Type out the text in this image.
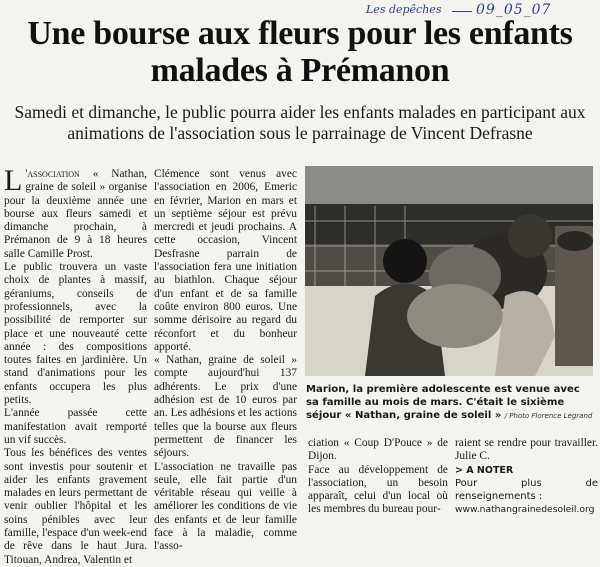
Les depêches 09_05_07
Une bourse aux fleurs pour les enfants malades à Prémanon

Samedi et dimanche, le public pourra aider les enfants malades en participant aux animations de l'association sous le parrainage de Vincent Defrasne

L 'association « Nathan, graine de soleil » organise pour la deuxième année une bourse aux fleurs samedi et dimanche prochain, à Prémanon de 9 à 18 heures salle Camille Prost.

Le public trouvera un vaste choix de plantes à massif, géraniums, conseils de professionnels, avec la possibilité de remporter sur place et une nouveauté cette année : des compositions toutes faites en jardinière. Un stand d'animations pour les enfants occupera les plus petits.

L'année passée cette manifestation avait remporté un vif succès.

Tous les bénéfices des ventes sont investis pour soutenir et aider les enfants gravement malades en leurs permettant de venir oublier l'hôpital et les soins pénibles avec leur famille, l'espace d'un week-end de rêve dans le haut Jura. Titouan, Andrea, Valentin et

Clémence sont venus avec l'association en 2006, Emeric en février, Marion en mars et un septième séjour est prévu mercredi et jeudi prochains. A cette occasion, Vincent Desfrasne parrain de l'association fera une initiation au biathlon. Chaque séjour d'un enfant et de sa famille coûte environ 800 euros. Une somme dérisoire au regard du réconfort et du bonheur apporté.

« Nathan, graine de soleil » compte aujourd'hui 137 adhérents. Le prix d'une adhésion est de 10 euros par an. Les adhésions et les actions telles que la bourse aux fleurs permettent de financer les séjours.

L'association ne travaille pas seule, elle fait partie d'un véritable réseau qui veille à améliorer les conditions de vie des enfants et de leur famille face à la maladie, comme l'asso-

Marion, la première adolescente est venue avec sa famille au mois de mars. C'était le sixième séjour « Nathan, graine de soleil » / Photo Florence Legrand

ciation « Coup D'Pouce » de Dijon.

Face au développement de l'association, un besoin apparaît, celui d'un local où les membres du bureau pour-

raient se rendre pour travailler. Julie C.

> A NOTER

Pour plus de renseignements :

www.nathangrainedesoleil.org
